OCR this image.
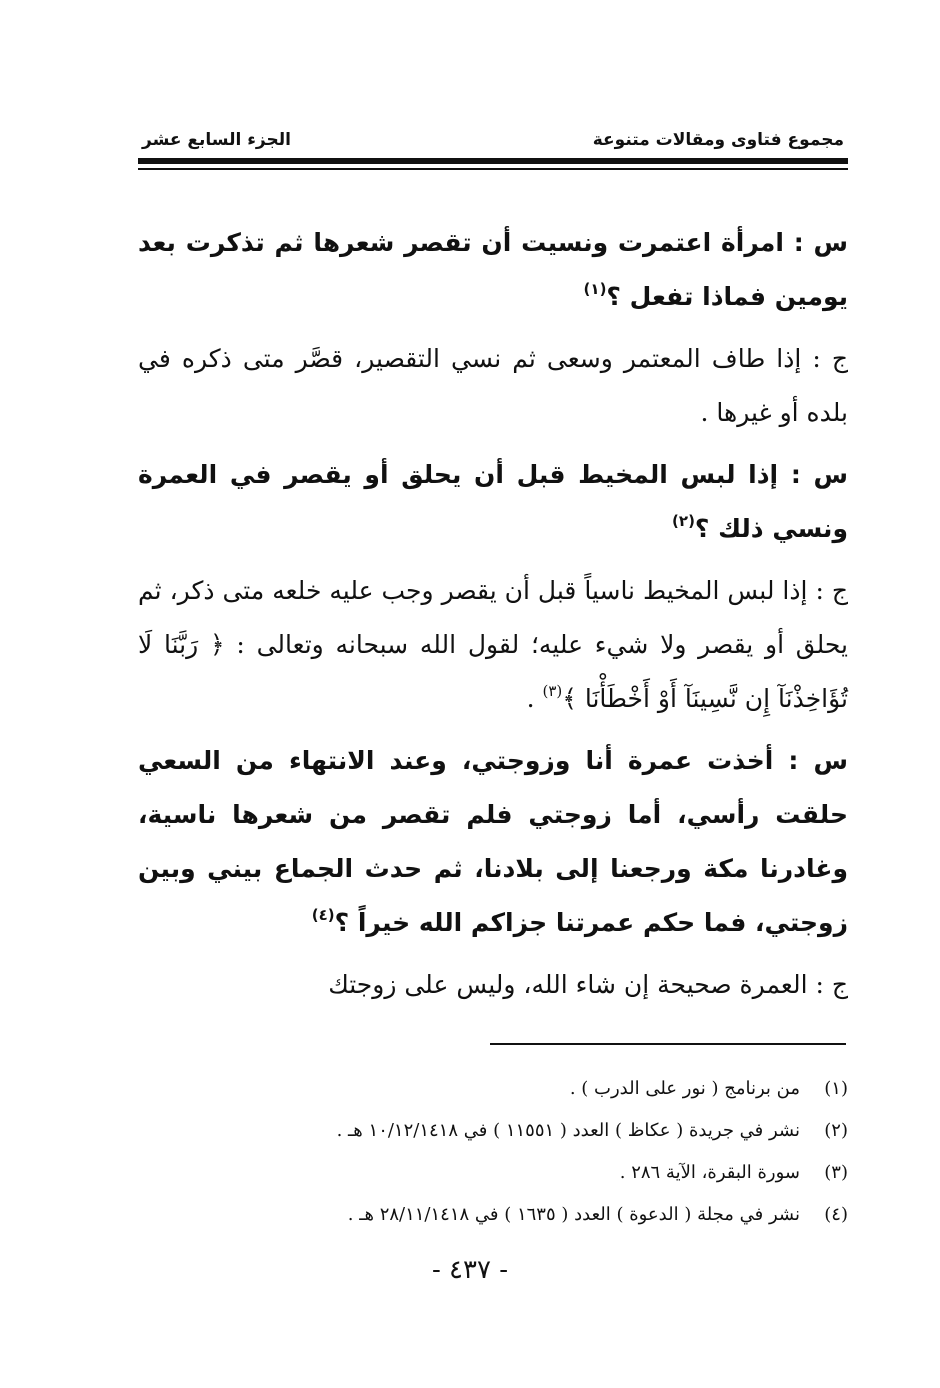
مجموع فتاوى ومقالات متنوعة
الجزء السابع عشر

س : امرأة اعتمرت ونسيت أن تقصر شعرها ثم تذكرت بعد يومين فماذا تفعل ؟$^{(١)}$

ج : إذا طاف المعتمر وسعى ثم نسي التقصير، قصَّر متى ذكره في بلده أو غيرها .

س : إذا لبس المخيط قبل أن يحلق أو يقصر في العمرة ونسي ذلك ؟$^{(٢)}$

ج : إذا لبس المخيط ناسياً قبل أن يقصر وجب عليه خلعه متى ذكر، ثم يحلق أو يقصر ولا شيء عليه؛ لقول الله سبحانه وتعالى : ﴿ رَبَّنَا لَا تُؤَاخِذْنَآ إِن نَّسِينَآ أَوْ أَخْطَأْنَا ﴾$^{(٣)}$ .

س : أخذت عمرة أنا وزوجتي، وعند الانتهاء من السعي حلقت رأسي، أما زوجتي فلم تقصر من شعرها ناسية، وغادرنا مكة ورجعنا إلى بلادنا، ثم حدث الجماع بيني وبين زوجتي، فما حكم عمرتنا جزاكم الله خيراً ؟$^{(٤)}$

ج : العمرة صحيحة إن شاء الله، وليس على زوجتك

(١)من برنامج ( نور على الدرب ) .
(٢)نشر في جريدة ( عكاظ ) العدد ( ١١٥٥١ ) في ١٠/١٢/١٤١٨ هـ .
(٣)سورة البقرة، الآية ٢٨٦ .
(٤)نشر في مجلة ( الدعوة ) العدد ( ١٦٣٥ ) في ٢٨/١١/١٤١٨ هـ .
- ٤٣٧ -
